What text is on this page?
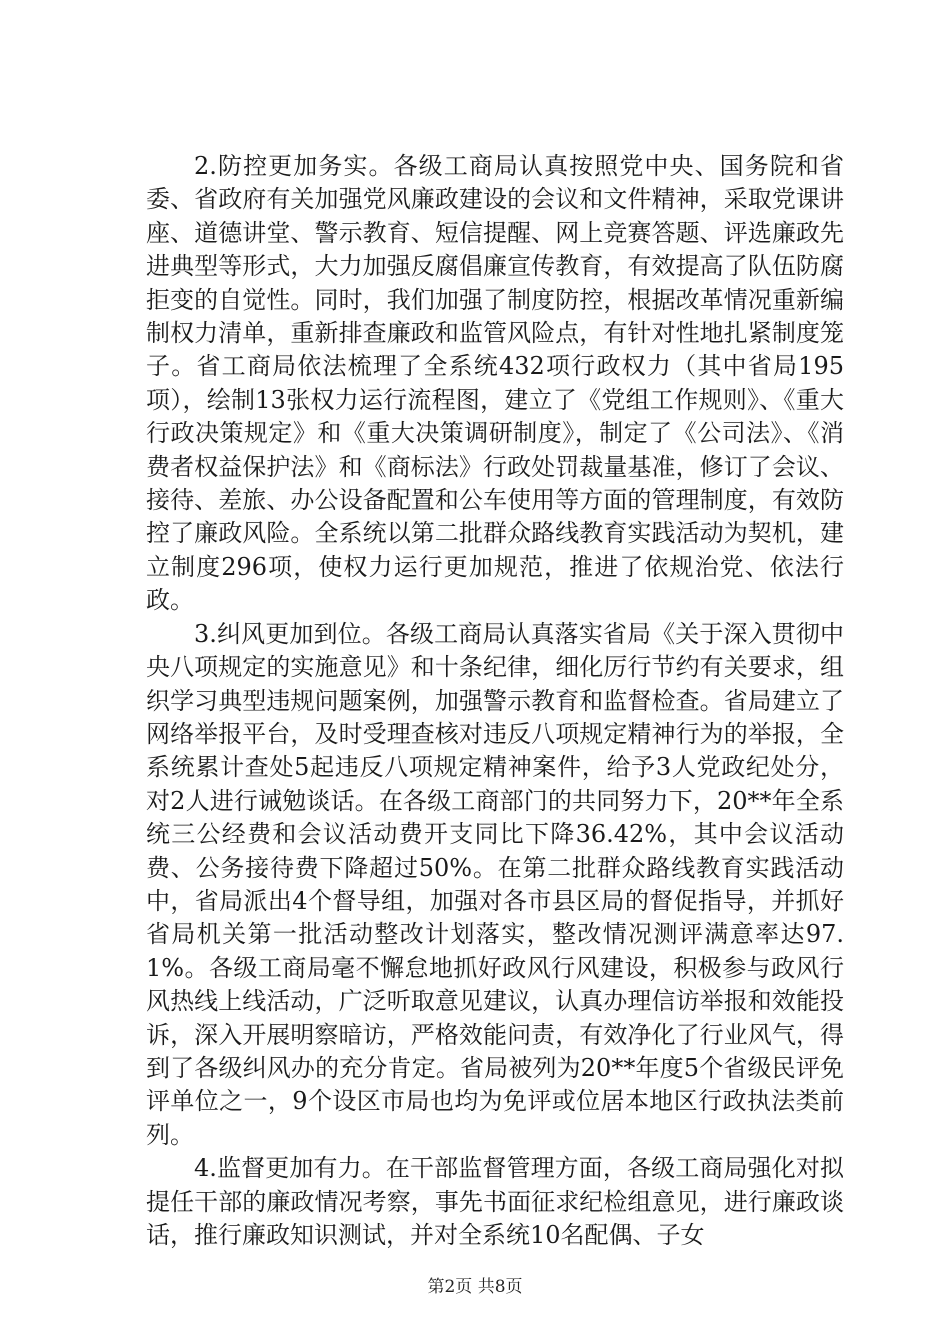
2.防控更加务实。各级工商局认真按照党中央、国务院和省委、省政府有关加强党风廉政建设的会议和文件精神，采取党课讲座、道德讲堂、警示教育、短信提醒、网上竞赛答题、评选廉政先进典型等形式，大力加强反腐倡廉宣传教育，有效提高了队伍防腐拒变的自觉性。同时，我们加强了制度防控，根据改革情况重新编制权力清单，重新排查廉政和监管风险点，有针对性地扎紧制度笼子。省工商局依法梳理了全系统432项行政权力（其中省局195项），绘制13张权力运行流程图，建立了《党组工作规则》、《重大行政决策规定》和《重大决策调研制度》，制定了《公司法》、《消费者权益保护法》和《商标法》行政处罚裁量基准，修订了会议、接待、差旅、办公设备配置和公车使用等方面的管理制度，有效防控了廉政风险。全系统以第二批群众路线教育实践活动为契机，建立制度296项，使权力运行更加规范，推进了依规治党、依法行政。

3.纠风更加到位。各级工商局认真落实省局《关于深入贯彻中央八项规定的实施意见》和十条纪律，细化厉行节约有关要求，组织学习典型违规问题案例，加强警示教育和监督检查。省局建立了网络举报平台，及时受理查核对违反八项规定精神行为的举报，全系统累计查处5起违反八项规定精神案件，给予3人党政纪处分，对2人进行诫勉谈话。在各级工商部门的共同努力下，20**年全系统三公经费和会议活动费开支同比下降36.42%，其中会议活动费、公务接待费下降超过50%。在第二批群众路线教育实践活动中，省局派出4个督导组，加强对各市县区局的督促指导，并抓好省局机关第一批活动整改计划落实，整改情况测评满意率达97.1%。各级工商局毫不懈怠地抓好政风行风建设，积极参与政风行风热线上线活动，广泛听取意见建议，认真办理信访举报和效能投诉，深入开展明察暗访，严格效能问责，有效净化了行业风气，得到了各级纠风办的充分肯定。省局被列为20**年度5个省级民评免评单位之一，9个设区市局也均为免评或位居本地区行政执法类前列。

4.监督更加有力。在干部监督管理方面，各级工商局强化对拟提任干部的廉政情况考察，事先书面征求纪检组意见，进行廉政谈话，推行廉政知识测试，并对全系统10名配偶、子女

第2页 共8页
